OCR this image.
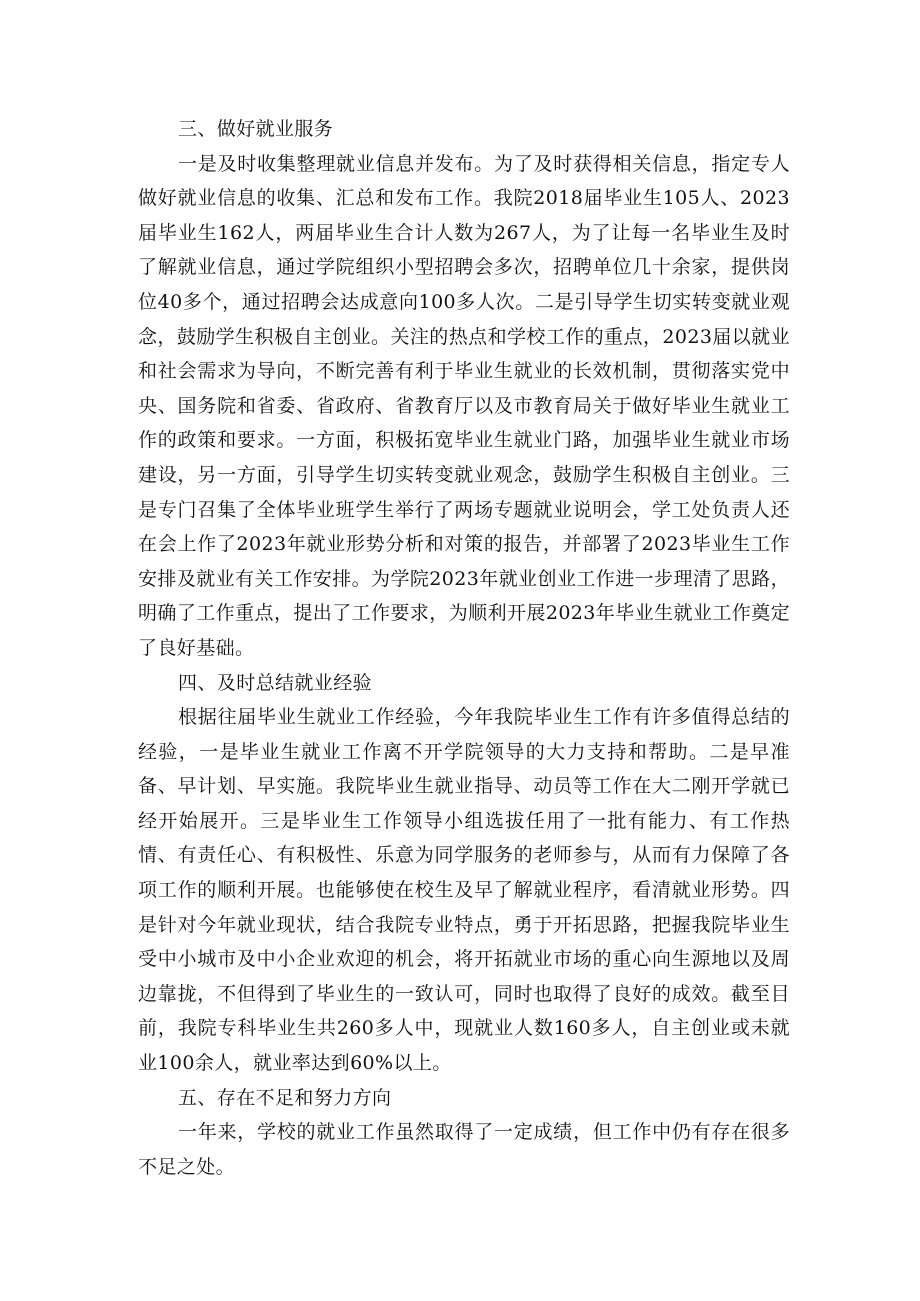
三、做好就业服务

一是及时收集整理就业信息并发布。为了及时获得相关信息，指定专人做好就业信息的收集、汇总和发布工作。我院2018届毕业生105人、2023届毕业生162人，两届毕业生合计人数为267人，为了让每一名毕业生及时了解就业信息，通过学院组织小型招聘会多次，招聘单位几十余家，提供岗位40多个，通过招聘会达成意向100多人次。二是引导学生切实转变就业观念，鼓励学生积极自主创业。关注的热点和学校工作的重点，2023届以就业和社会需求为导向，不断完善有利于毕业生就业的长效机制，贯彻落实党中央、国务院和省委、省政府、省教育厅以及市教育局关于做好毕业生就业工作的政策和要求。一方面，积极拓宽毕业生就业门路，加强毕业生就业市场建设，另一方面，引导学生切实转变就业观念，鼓励学生积极自主创业。三是专门召集了全体毕业班学生举行了两场专题就业说明会，学工处负责人还在会上作了2023年就业形势分析和对策的报告，并部署了2023毕业生工作安排及就业有关工作安排。为学院2023年就业创业工作进一步理清了思路，明确了工作重点，提出了工作要求，为顺利开展2023年毕业生就业工作奠定了良好基础。

四、及时总结就业经验

根据往届毕业生就业工作经验，今年我院毕业生工作有许多值得总结的经验，一是毕业生就业工作离不开学院领导的大力支持和帮助。二是早准备、早计划、早实施。我院毕业生就业指导、动员等工作在大二刚开学就已经开始展开。三是毕业生工作领导小组选拔任用了一批有能力、有工作热情、有责任心、有积极性、乐意为同学服务的老师参与，从而有力保障了各项工作的顺利开展。也能够使在校生及早了解就业程序，看清就业形势。四是针对今年就业现状，结合我院专业特点，勇于开拓思路，把握我院毕业生受中小城市及中小企业欢迎的机会，将开拓就业市场的重心向生源地以及周边靠拢，不但得到了毕业生的一致认可，同时也取得了良好的成效。截至目前，我院专科毕业生共260多人中，现就业人数160多人，自主创业或未就业100余人，就业率达到60%以上。

五、存在不足和努力方向

一年来，学校的就业工作虽然取得了一定成绩，但工作中仍有存在很多不足之处。
